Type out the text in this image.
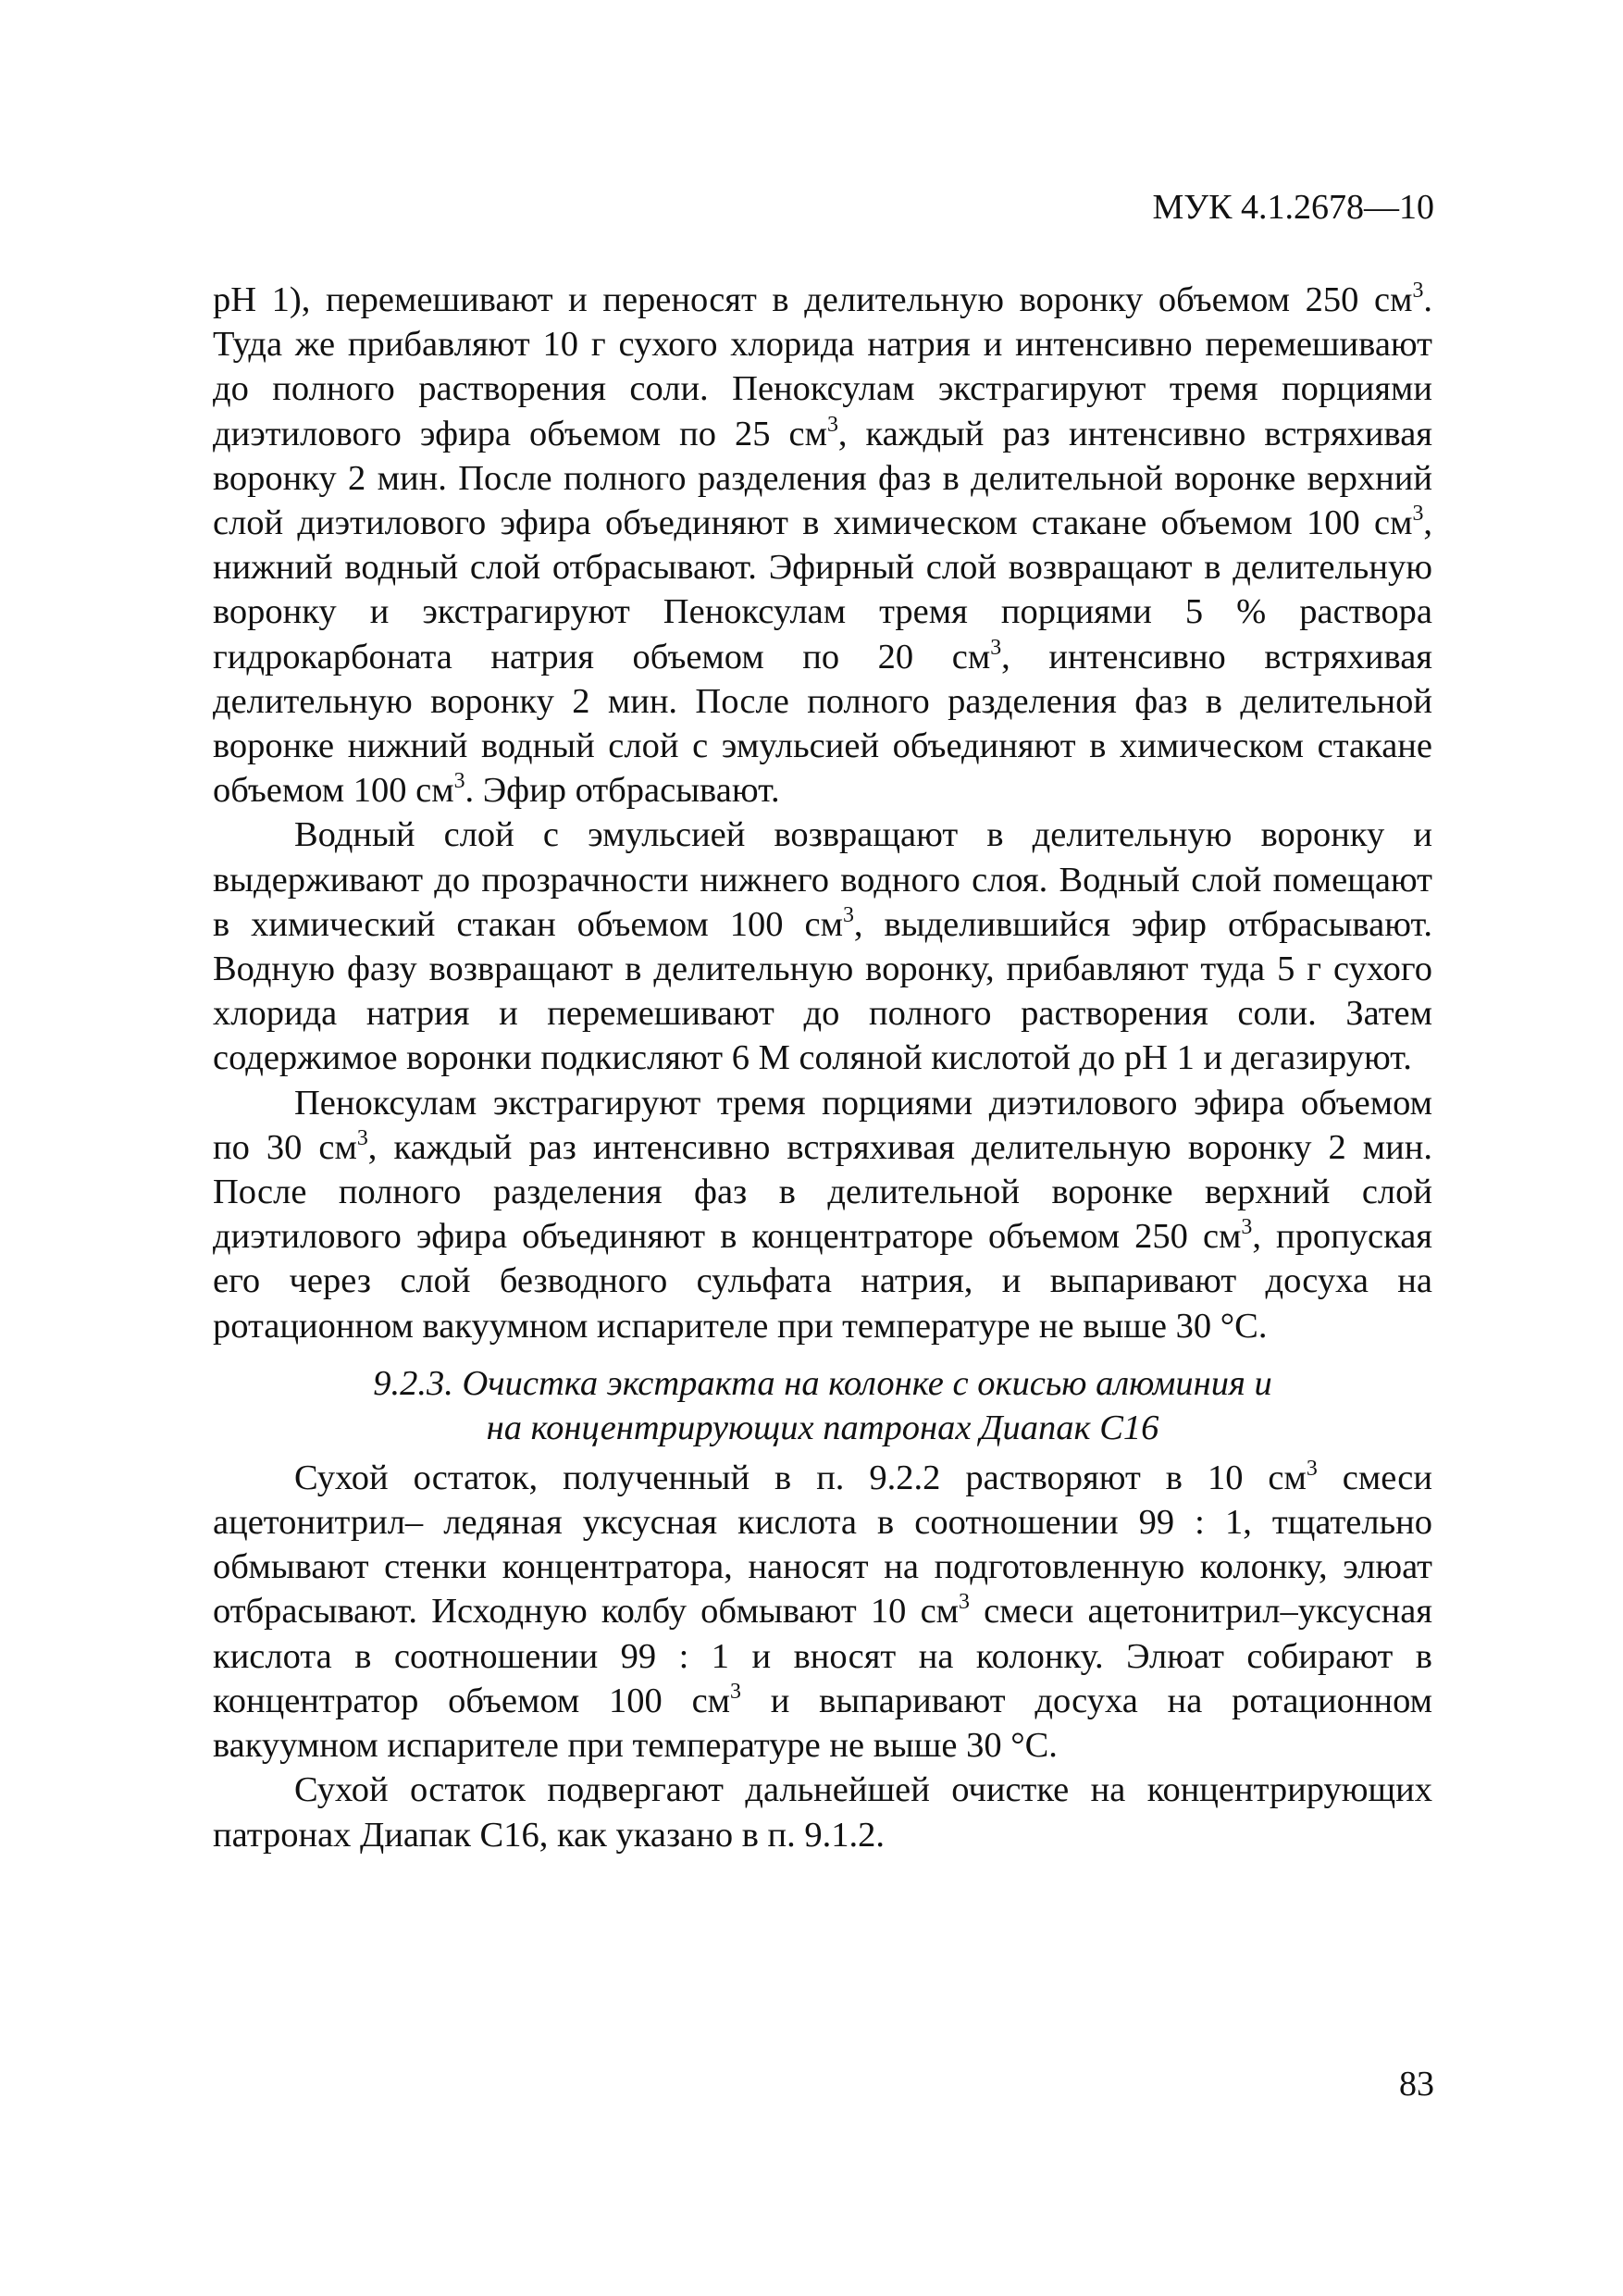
МУК 4.1.2678—10

pH 1), перемешивают и переносят в делительную воронку объемом 250 $см^3$. Туда же прибавляют 10 г сухого хлорида натрия и интенсивно перемешивают до полного растворения соли. Пеноксулам экстрагируют тремя порциями диэтилового эфира объемом по 25 $см^3$, каждый раз интенсивно встряхивая воронку 2 мин. После полного разделения фаз в делительной воронке верхний слой диэтилового эфира объединяют в химическом стакане объемом 100 $см^3$, нижний водный слой отбрасывают. Эфирный слой возвращают в делительную воронку и экстрагируют Пеноксулам тремя порциями 5 % раствора гидрокарбоната натрия объемом по 20 $см^3$, интенсивно встряхивая делительную воронку 2 мин. После полного разделения фаз в делительной воронке нижний водный слой с эмульсией объединяют в химическом стакане объемом 100 $см^3$. Эфир отбрасывают.

Водный слой с эмульсией возвращают в делительную воронку и выдерживают до прозрачности нижнего водного слоя. Водный слой помещают в химический стакан объемом 100 $см^3$, выделившийся эфир отбрасывают. Водную фазу возвращают в делительную воронку, прибавляют туда 5 г сухого хлорида натрия и перемешивают до полного растворения соли. Затем содержимое воронки подкисляют 6 М соляной кислотой до pH 1 и дегазируют.

Пеноксулам экстрагируют тремя порциями диэтилового эфира объемом по 30 $см^3$, каждый раз интенсивно встряхивая делительную воронку 2 мин. После полного разделения фаз в делительной воронке верхний слой диэтилового эфира объединяют в концентраторе объемом 250 $см^3$, пропуская его через слой безводного сульфата натрия, и выпаривают досуха на ротационном вакуумном испарителе при температуре не выше 30 °С.

9.2.3. Очистка экстракта на колонке с окисью алюминия и
на концентрирующих патронах Диапак С16

Сухой остаток, полученный в п. 9.2.2 растворяют в 10 $см^3$ смеси ацетонитрил– ледяная уксусная кислота в соотношении 99 : 1, тщательно обмывают стенки концентратора, наносят на подготовленную колонку, элюат отбрасывают. Исходную колбу обмывают 10 $см^3$ смеси ацетонитрил–уксусная кислота в соотношении 99 : 1 и вносят на колонку. Элюат собирают в концентратор объемом 100 $см^3$ и выпаривают досуха на ротационном вакуумном испарителе при температуре не выше 30 °С.

Сухой остаток подвергают дальнейшей очистке на концентрирующих патронах Диапак С16, как указано в п. 9.1.2.

83
